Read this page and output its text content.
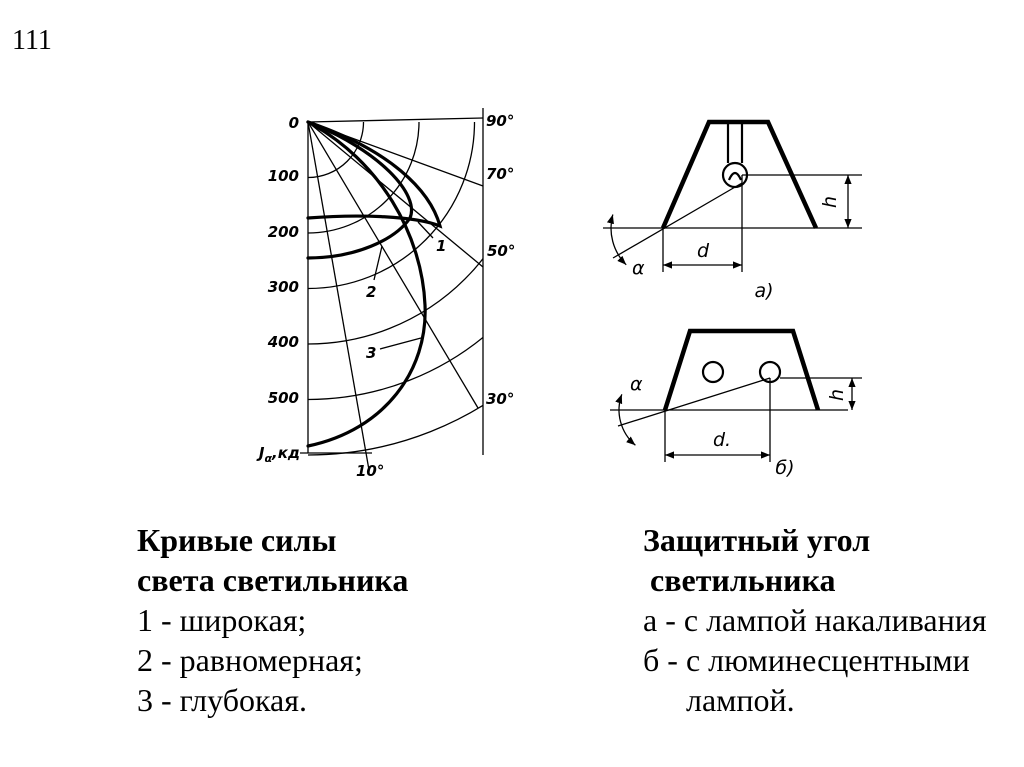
111
0
100
200
300
400
500
$J_\alpha,кд$
90°
70°
50°
30°
10°
1
2
3
d
h
α
а)
d.
h
α
б)
Кривые силы
света светильника
1 - широкая;
2 - равномерная;
3 - глубокая.
Защитный угол
светильника
а - с лампой накаливания
б - с люминесцентными
лампой.
